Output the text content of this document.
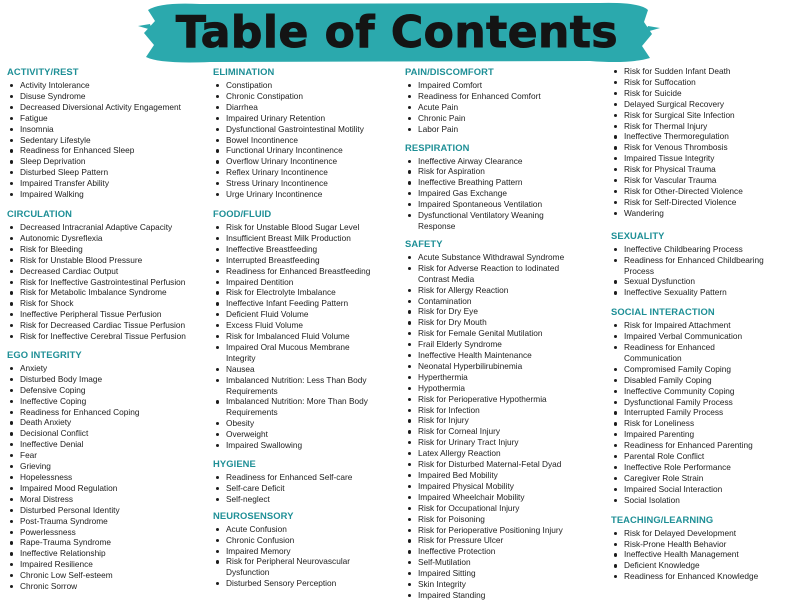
Table of Contents
ACTIVITY/REST
Activity Intolerance
Disuse Syndrome
Decreased Diversional Activity Engagement
Fatigue
Insomnia
Sedentary Lifestyle
Readiness for Enhanced Sleep
Sleep Deprivation
Disturbed Sleep Pattern
Impaired Transfer Ability
Impaired Walking
CIRCULATION
Decreased Intracranial Adaptive Capacity
Autonomic Dysreflexia
Risk for Bleeding
Risk for Unstable Blood Pressure
Decreased Cardiac Output
Risk for Ineffective Gastrointestinal Perfusion
Risk for Metabolic Imbalance Syndrome
Risk for Shock
Ineffective Peripheral Tissue Perfusion
Risk for Decreased Cardiac Tissue Perfusion
Risk for Ineffective Cerebral Tissue Perfusion
EGO INTEGRITY
Anxiety
Disturbed Body Image
Defensive Coping
Ineffective Coping
Readiness for Enhanced Coping
Death Anxiety
Decisional Conflict
Ineffective Denial
Fear
Grieving
Hopelessness
Impaired Mood Regulation
Moral Distress
Disturbed Personal Identity
Post-Trauma Syndrome
Powerlessness
Rape-Trauma Syndrome
Ineffective Relationship
Impaired Resilience
Chronic Low Self-esteem
Chronic Sorrow
ELIMINATION
Constipation
Chronic Constipation
Diarrhea
Impaired Urinary Retention
Dysfunctional Gastrointestinal Motility
Bowel Incontinence
Functional Urinary Incontinence
Overflow Urinary Incontinence
Reflex Urinary Incontinence
Stress Urinary Incontinence
Urge Urinary Incontinence
FOOD/FLUID
Risk for Unstable Blood Sugar Level
Insufficient Breast Milk Production
Ineffective Breastfeeding
Interrupted Breastfeeding
Readiness for Enhanced Breastfeeding
Impaired Dentition
Risk for Electrolyte Imbalance
Ineffective Infant Feeding Pattern
Deficient Fluid Volume
Excess Fluid Volume
Risk for Imbalanced Fluid Volume
Impaired Oral Mucous Membrane Integrity
Nausea
Imbalanced Nutrition: Less Than Body Requirements
Imbalanced Nutrition: More Than Body Requirements
Obesity
Overweight
Impaired Swallowing
HYGIENE
Readiness for Enhanced Self-care
Self-care Deficit
Self-neglect
NEUROSENSORY
Acute Confusion
Chronic Confusion
Impaired Memory
Risk for Peripheral Neurovascular Dysfunction
Disturbed Sensory Perception
PAIN/DISCOMFORT
Impaired Comfort
Readiness for Enhanced Comfort
Acute Pain
Chronic Pain
Labor Pain
RESPIRATION
Ineffective Airway Clearance
Risk for Aspiration
Ineffective Breathing Pattern
Impaired Gas Exchange
Impaired Spontaneous Ventilation
Dysfunctional Ventilatory Weaning Response
SAFETY
Acute Substance Withdrawal Syndrome
Risk for Adverse Reaction to Iodinated Contrast Media
Risk for Allergy Reaction
Contamination
Risk for Dry Eye
Risk for Dry Mouth
Risk for Female Genital Mutilation
Frail Elderly Syndrome
Ineffective Health Maintenance
Neonatal Hyperbilirubinemia
Hyperthermia
Hypothermia
Risk for Perioperative Hypothermia
Risk for Infection
Risk for Injury
Risk for Corneal Injury
Risk for Urinary Tract Injury
Latex Allergy Reaction
Risk for Disturbed Maternal-Fetal Dyad
Impaired Bed Mobility
Impaired Physical Mobility
Impaired Wheelchair Mobility
Risk for Occupational Injury
Risk for Poisoning
Risk for Perioperative Positioning Injury
Risk for Pressure Ulcer
Ineffective Protection
Self-Mutilation
Impaired Sitting
Skin Integrity
Impaired Standing
Risk for Sudden Infant Death
Risk for Suffocation
Risk for Suicide
Delayed Surgical Recovery
Risk for Surgical Site Infection
Risk for Thermal Injury
Ineffective Thermoregulation
Risk for Venous Thrombosis
Impaired Tissue Integrity
Risk for Physical Trauma
Risk for Vascular Trauma
Risk for Other-Directed Violence
Risk for Self-Directed Violence
Wandering
SEXUALITY
Ineffective Childbearing Process
Readiness for Enhanced Childbearing Process
Sexual Dysfunction
Ineffective Sexuality Pattern
SOCIAL INTERACTION
Risk for Impaired Attachment
Impaired Verbal Communication
Readiness for Enhanced Communication
Compromised Family Coping
Disabled Family Coping
Ineffective Community Coping
Dysfunctional Family Process
Interrupted Family Process
Risk for Loneliness
Impaired Parenting
Readiness for Enhanced Parenting
Parental Role Conflict
Ineffective Role Performance
Caregiver Role Strain
Impaired Social Interaction
Social Isolation
TEACHING/LEARNING
Risk for Delayed Development
Risk-Prone Health Behavior
Ineffective Health Management
Deficient Knowledge
Readiness for Enhanced Knowledge
